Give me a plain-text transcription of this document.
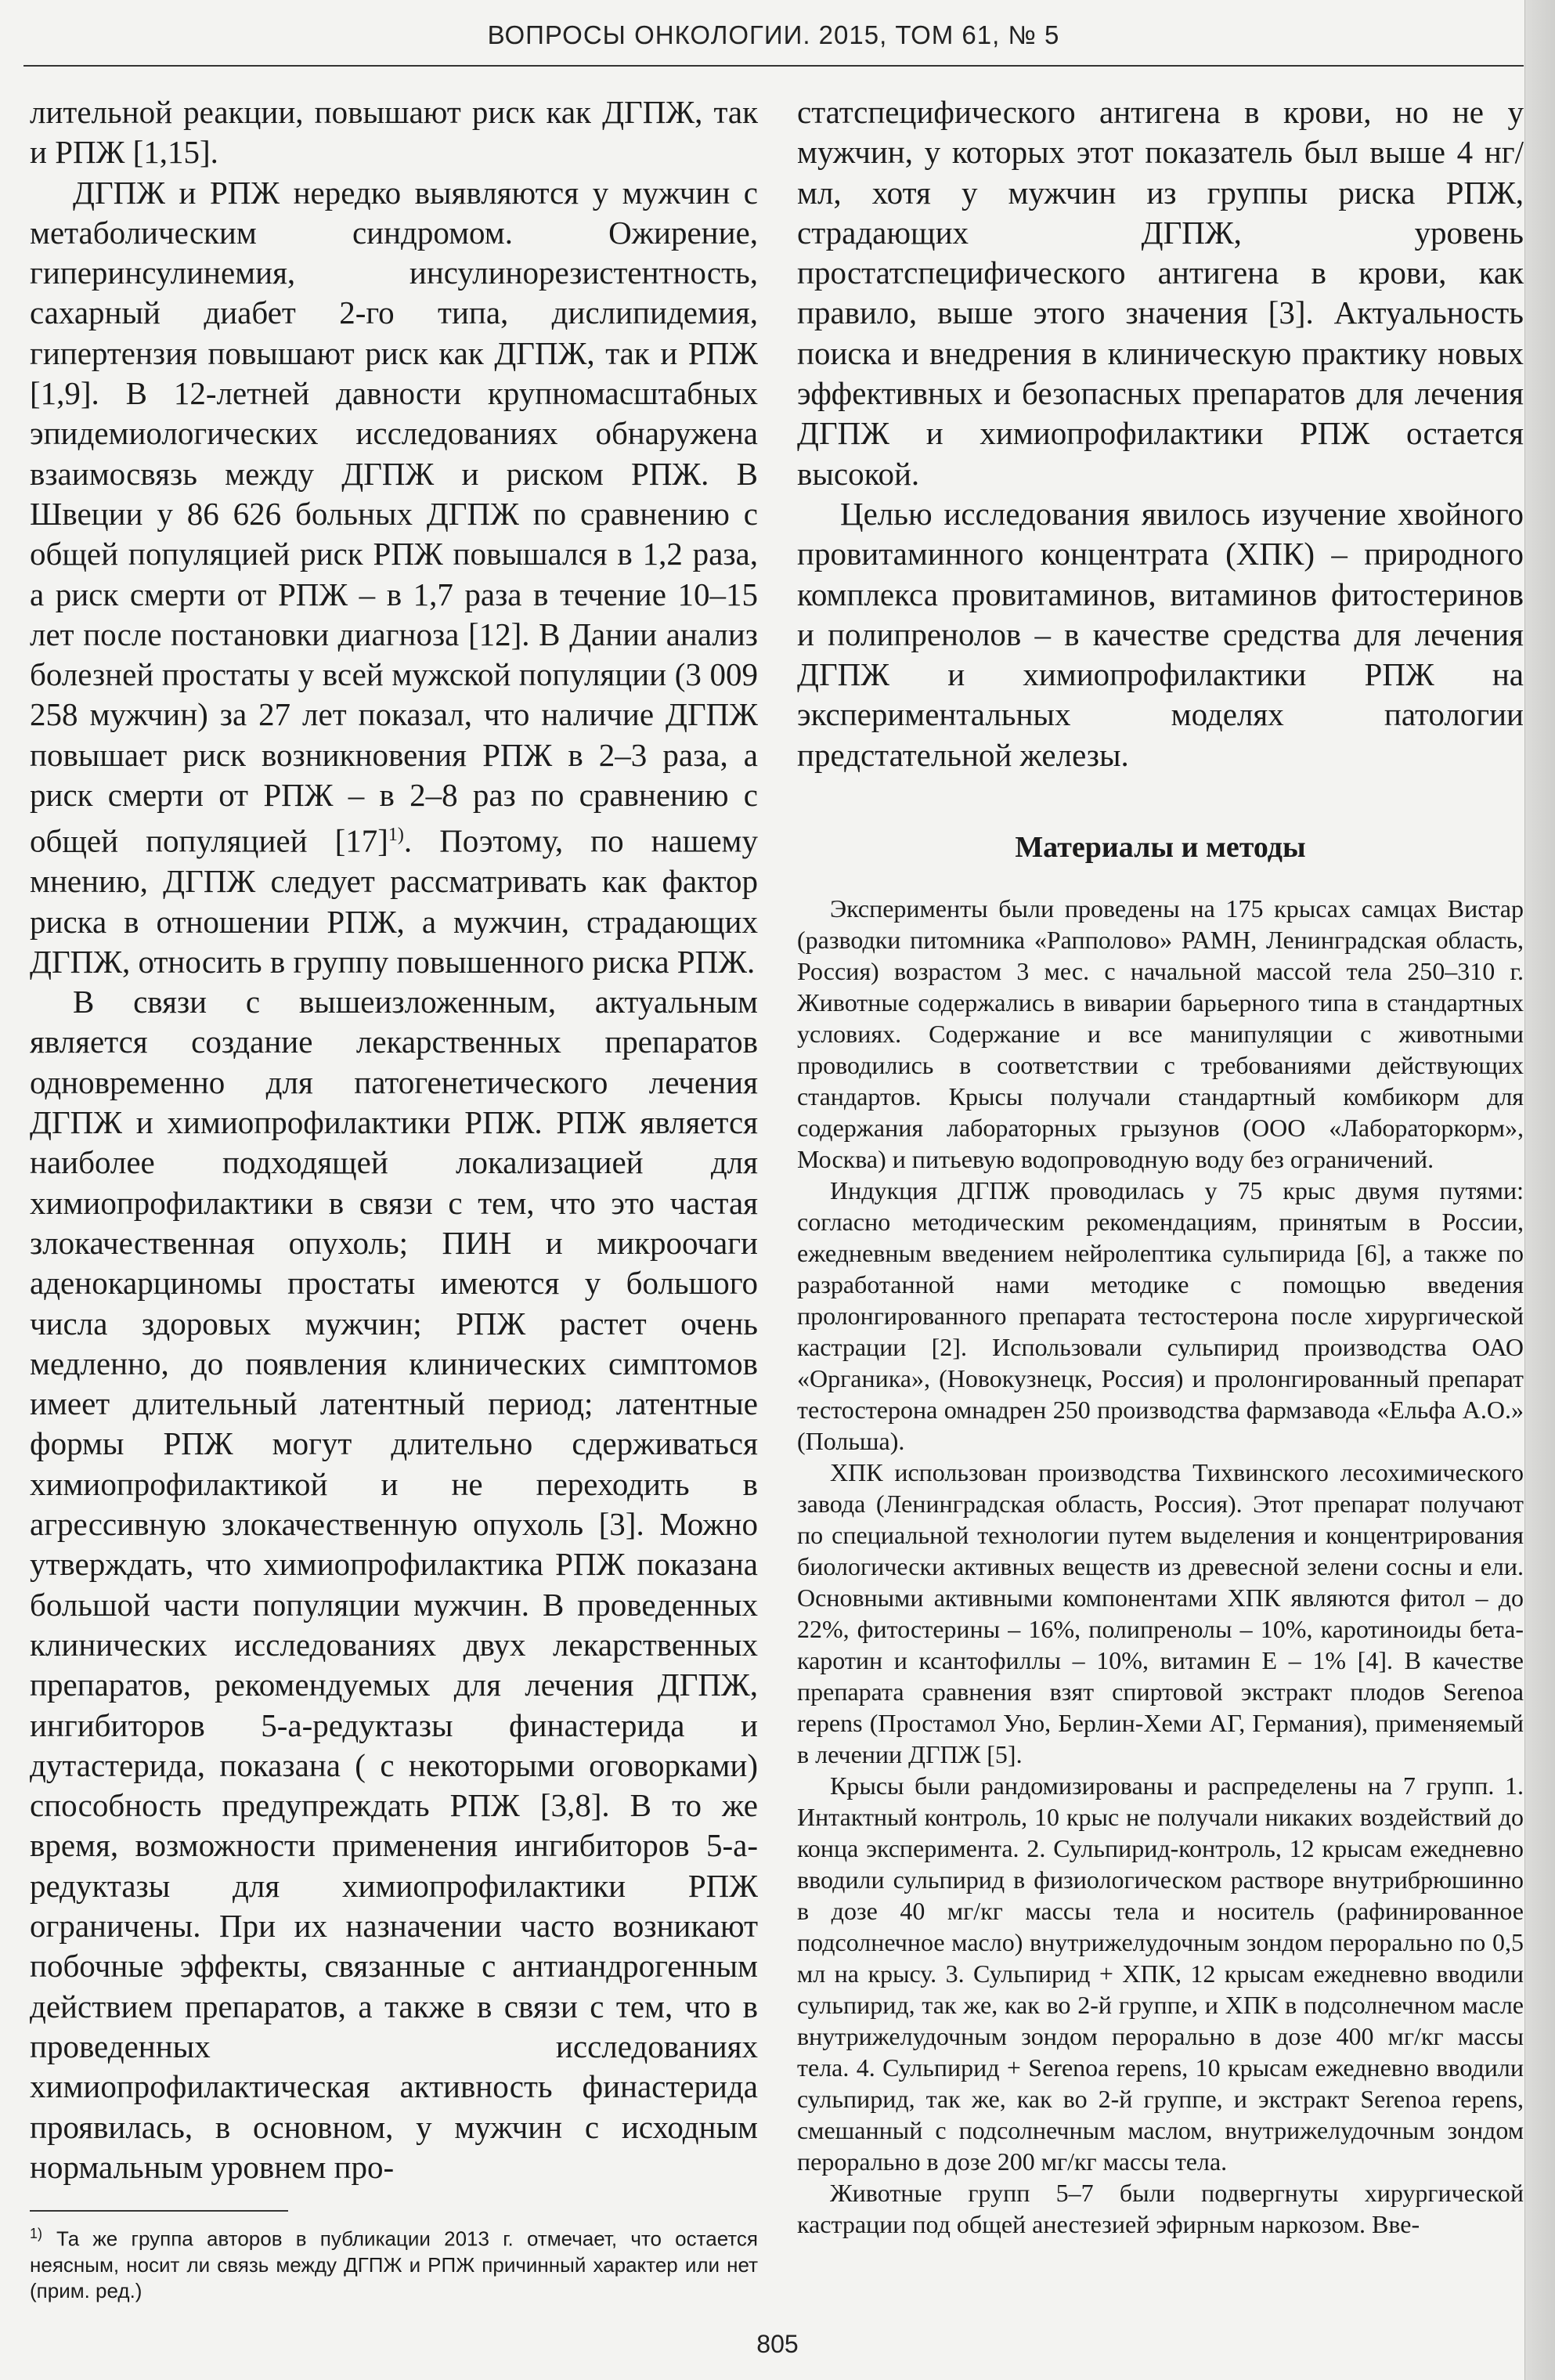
ВОПРОСЫ ОНКОЛОГИИ. 2015, ТОМ 61, № 5

лительной реакции, повышают риск как ДГПЖ, так и РПЖ [1,15].

ДГПЖ и РПЖ нередко выявляются у мужчин с метаболическим синдромом. Ожирение, гиперинсулинемия, инсулинорезистентность, сахарный диабет 2-го типа, дислипидемия, гипертензия повышают риск как ДГПЖ, так и РПЖ [1,9]. В 12-летней давности крупномасштабных эпидемиологических исследованиях обнаружена взаимосвязь между ДГПЖ и риском РПЖ. В Швеции у 86 626 больных ДГПЖ по сравнению с общей популяцией риск РПЖ повышался в 1,2 раза, а риск смерти от РПЖ – в 1,7 раза в течение 10–15 лет после постановки диагноза [12]. В Дании анализ болезней простаты у всей мужской популяции (3 009 258 мужчин) за 27 лет показал, что наличие ДГПЖ повышает риск возникновения РПЖ в 2–3 раза, а риск смерти от РПЖ – в 2–8 раз по сравнению с общей популяцией $[17]^{1)}$. Поэтому, по нашему мнению, ДГПЖ следует рассматривать как фактор риска в отношении РПЖ, а мужчин, страдающих ДГПЖ, относить в группу повышенного риска РПЖ.

В связи с вышеизложенным, актуальным является создание лекарственных препаратов одновременно для патогенетического лечения ДГПЖ и химиопрофилактики РПЖ. РПЖ является наиболее подходящей локализацией для химиопрофилактики в связи с тем, что это частая злокачественная опухоль; ПИН и микроочаги аденокарциномы простаты имеются у большого числа здоровых мужчин; РПЖ растет очень медленно, до появления клинических симптомов имеет длительный латентный период; латентные формы РПЖ могут длительно сдерживаться химиопрофилактикой и не переходить в агрессивную злокачественную опухоль [3]. Можно утверждать, что химиопрофилактика РПЖ показана большой части популяции мужчин. В проведенных клинических исследованиях двух лекарственных препаратов, рекомендуемых для лечения ДГПЖ, ингибиторов 5-а-редуктазы финастерида и дутастерида, показана ( с некоторыми оговорками) способность предупреждать РПЖ [3,8]. В то же время, возможности применения ингибиторов 5-а-редуктазы для химиопрофилактики РПЖ ограничены. При их назначении часто возникают побочные эффекты, связанные с антиандрогенным действием препаратов, а также в связи с тем, что в проведенных исследованиях химиопрофилактическая активность финастерида проявилась, в основном, у мужчин с исходным нормальным уровнем про-

статспецифического антигена в крови, но не у мужчин, у которых этот показатель был выше 4 нг/мл, хотя у мужчин из группы риска РПЖ, страдающих ДГПЖ, уровень простатспецифического антигена в крови, как правило, выше этого значения [3]. Актуальность поиска и внедрения в клиническую практику новых эффективных и безопасных препаратов для лечения ДГПЖ и химиопрофилактики РПЖ остается высокой.

Целью исследования явилось изучение хвойного провитаминного концентрата (ХПК) – природного комплекса провитаминов, витаминов фитостеринов и полипренолов – в качестве средства для лечения ДГПЖ и химиопрофилактики РПЖ на экспериментальных моделях патологии предстательной железы.

Материалы и методы

Эксперименты были проведены на 175 крысах самцах Вистар (разводки питомника «Рапполово» РАМН, Ленинградская область, Россия) возрастом 3 мес. с начальной массой тела 250–310 г. Животные содержались в виварии барьерного типа в стандартных условиях. Содержание и все манипуляции с животными проводились в соответствии с требованиями действующих стандартов. Крысы получали стандартный комбикорм для содержания лабораторных грызунов (ООО «Лабораторкорм», Москва) и питьевую водопроводную воду без ограничений.

Индукция ДГПЖ проводилась у 75 крыс двумя путями: согласно методическим рекомендациям, принятым в России, ежедневным введением нейролептика сульпирида [6], а также по разработанной нами методике с помощью введения пролонгированного препарата тестостерона после хирургической кастрации [2]. Использовали сульпирид производства ОАО «Органика», (Новокузнецк, Россия) и пролонгированный препарат тестостерона омнадрен 250 производства фармзавода «Ельфа А.О.» (Польша).

ХПК использован производства Тихвинского лесохимического завода (Ленинградская область, Россия). Этот препарат получают по специальной технологии путем выделения и концентрирования биологически активных веществ из древесной зелени сосны и ели. Основными активными компонентами ХПК являются фитол – до 22%, фитостерины – 16%, полипренолы – 10%, каротиноиды бета-каротин и ксантофиллы – 10%, витамин Е – 1% [4]. В качестве препарата сравнения взят спиртовой экстракт плодов Serenoa repens (Простамол Уно, Берлин-Хеми АГ, Германия), применяемый в лечении ДГПЖ [5].

Крысы были рандомизированы и распределены на 7 групп. 1. Интактный контроль, 10 крыс не получали никаких воздействий до конца эксперимента. 2. Сульпирид-контроль, 12 крысам ежедневно вводили сульпирид в физиологическом растворе внутрибрюшинно в дозе 40 мг/кг массы тела и носитель (рафинированное подсолнечное масло) внутрижелудочным зондом перорально по 0,5 мл на крысу. 3. Сульпирид + ХПК, 12 крысам ежедневно вводили сульпирид, так же, как во 2-й группе, и ХПК в подсолнечном масле внутрижелудочным зондом перорально в дозе 400 мг/кг массы тела. 4. Сульпирид + Serenoa repens, 10 крысам ежедневно вводили сульпирид, так же, как во 2-й группе, и экстракт Serenoa repens, смешанный с подсолнечным маслом, внутрижелудочным зондом перорально в дозе 200 мг/кг массы тела.

Животные групп 5–7 были подвергнуты хирургической кастрации под общей анестезией эфирным наркозом. Вве-

$^{1)}$ Та же группа авторов в публикации 2013 г. отмечает, что остается неясным, носит ли связь между ДГПЖ и РПЖ причинный характер или нет (прим. ред.)
805
